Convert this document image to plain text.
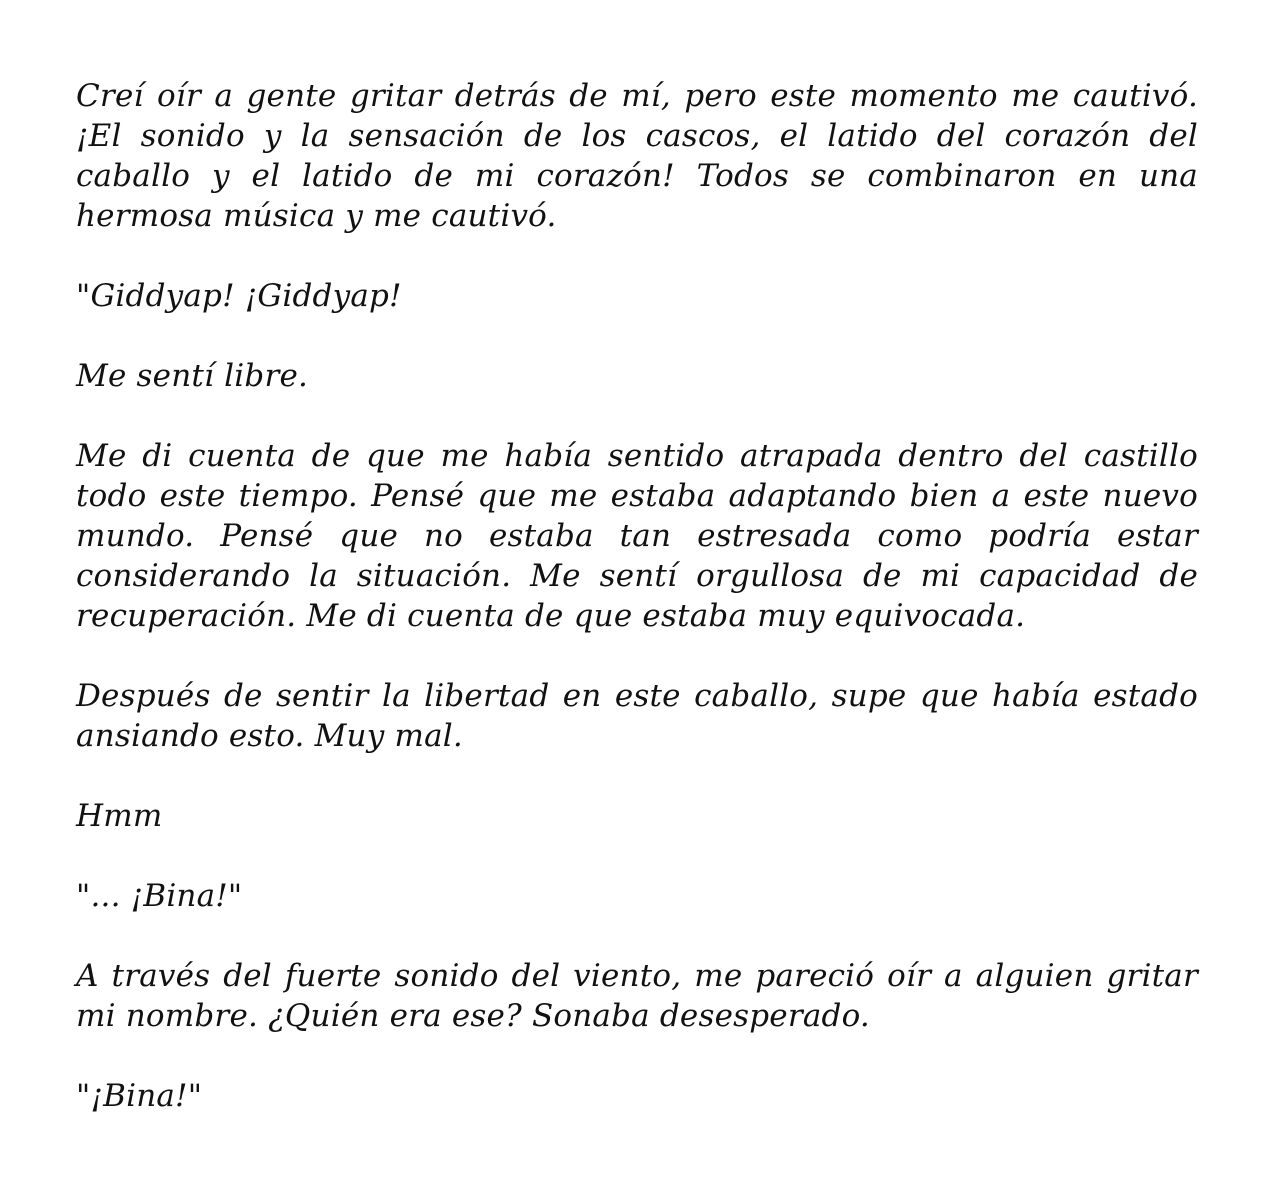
Creí oír a gente gritar detrás de mí, pero este momento me cautivó. ¡El sonido y la sensación de los cascos, el latido del corazón del caballo y el latido de mi corazón! Todos se combinaron en una hermosa música y me cautivó.

"Giddyap! ¡Giddyap!

Me sentí libre.

Me di cuenta de que me había sentido atrapada dentro del castillo todo este tiempo. Pensé que me estaba adaptando bien a este nuevo mundo. Pensé que no estaba tan estresada como podría estar considerando la situación. Me sentí orgullosa de mi capacidad de recuperación. Me di cuenta de que estaba muy equivocada.

Después de sentir la libertad en este caballo, supe que había estado ansiando esto. Muy mal.

Hmm

"... ¡Bina!"

A través del fuerte sonido del viento, me pareció oír a alguien gritar mi nombre. ¿Quién era ese? Sonaba desesperado.

"¡Bina!"
